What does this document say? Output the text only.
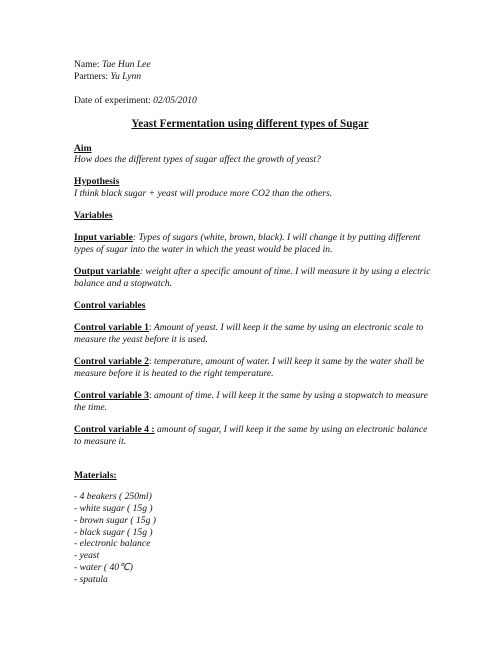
Name: Tae Hun Lee
Partners: Yu Lynn
Date of experiment: 02/05/2010
Yeast Fermentation using different types of Sugar
Aim
How does the different types of sugar affect the growth of yeast?
Hypothesis
I think black sugar + yeast will produce more CO2 than the others.
Variables
Input variable: Types of sugars (white, brown, black). I will change it by putting different types of sugar into the water in which the yeast would be placed in.
Output variable: weight after a specific amount of time. I will measure it by using a electric balance and a stopwatch.
Control variables
Control variable 1: Amount of yeast. I will keep it the same by using an electronic scale to measure the yeast before it is used.
Control variable 2: temperature, amount of water. I will keep it same by the water shall be measure before it is heated to the right temperature.
Control variable 3: amount of time. I will keep it the same by using a stopwatch to measure the time.
Control variable 4 : amount of sugar, I will keep it the same by using an electronic balance to measure it.
Materials:
- 4 beakers ( 250ml)
- white sugar ( 15g )
- brown sugar ( 15g )
- black sugar ( 15g )
- electronic balance
- yeast
- water ( 40℃)
- spatula
